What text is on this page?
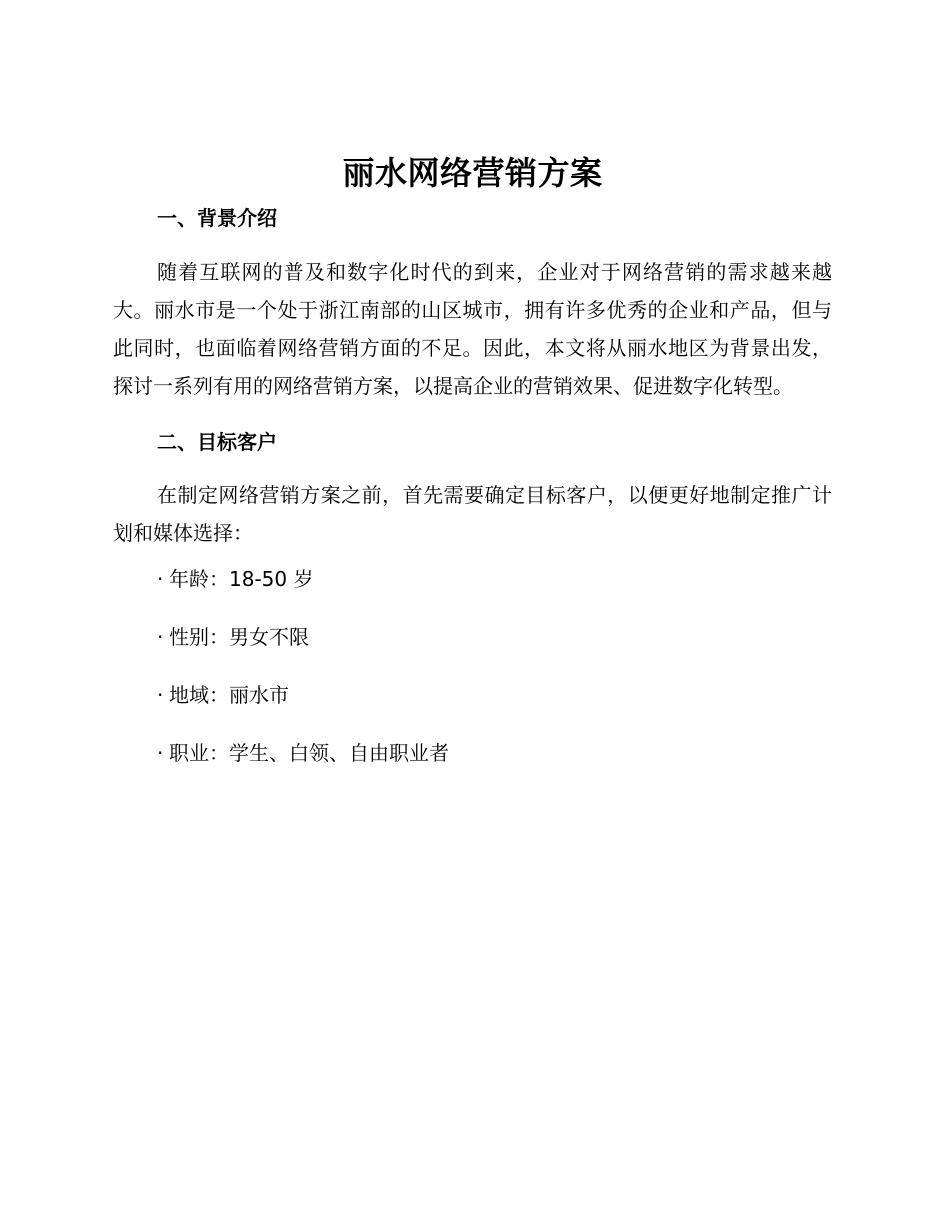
丽水网络营销方案
一、背景介绍

随着互联网的普及和数字化时代的到来，企业对于网络营销的需求越来越大。丽水市是一个处于浙江南部的山区城市，拥有许多优秀的企业和产品，但与此同时，也面临着网络营销方面的不足。因此，本文将从丽水地区为背景出发，探讨一系列有用的网络营销方案，以提高企业的营销效果、促进数字化转型。

二、目标客户

在制定网络营销方案之前，首先需要确定目标客户，以便更好地制定推广计划和媒体选择：

· 年龄：18-50 岁
· 性别：男女不限
· 地域：丽水市
· 职业：学生、白领、自由职业者
